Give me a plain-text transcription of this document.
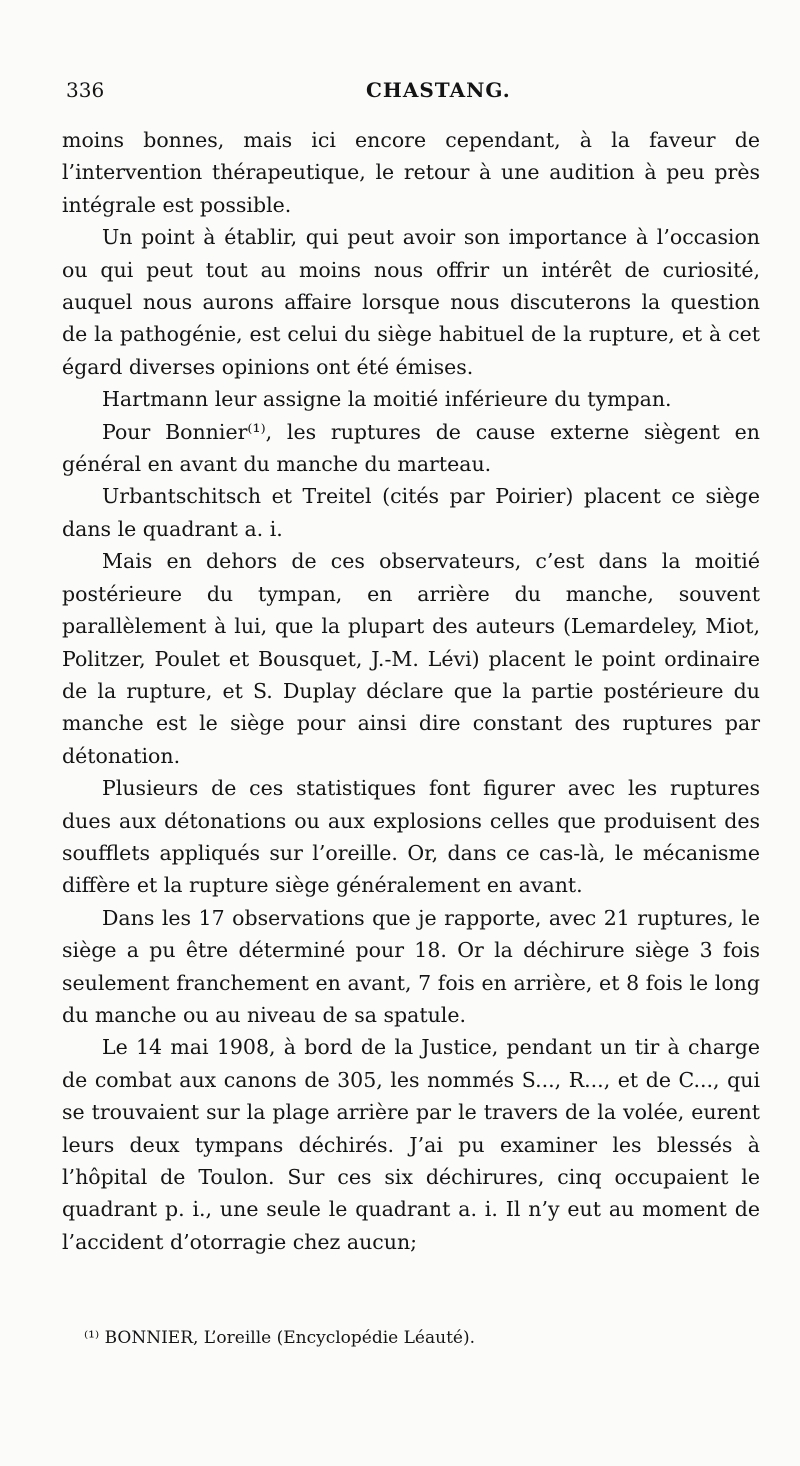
336	CHASTANG.

moins bonnes, mais ici encore cependant, à la faveur de l’intervention thérapeutique, le retour à une audition à peu près intégrale est possible.

Un point à établir, qui peut avoir son importance à l’occasion ou qui peut tout au moins nous offrir un intérêt de curiosité, auquel nous aurons affaire lorsque nous discuterons la question de la pathogénie, est celui du siège habituel de la rupture, et à cet égard diverses opinions ont été émises.

Hartmann leur assigne la moitié inférieure du tympan.

Pour Bonnier⁽¹⁾, les ruptures de cause externe siègent en général en avant du manche du marteau.

Urbantschitsch et Treitel (cités par Poirier) placent ce siège dans le quadrant a. i.

Mais en dehors de ces observateurs, c’est dans la moitié postérieure du tympan, en arrière du manche, souvent parallèlement à lui, que la plupart des auteurs (Lemardeley, Miot, Politzer, Poulet et Bousquet, J.-M. Lévi) placent le point ordinaire de la rupture, et S. Duplay déclare que la partie postérieure du manche est le siège pour ainsi dire constant des ruptures par détonation.

Plusieurs de ces statistiques font figurer avec les ruptures dues aux détonations ou aux explosions celles que produisent des soufflets appliqués sur l’oreille. Or, dans ce cas-là, le mécanisme diffère et la rupture siège généralement en avant.

Dans les 17 observations que je rapporte, avec 21 ruptures, le siège a pu être déterminé pour 18. Or la déchirure siège 3 fois seulement franchement en avant, 7 fois en arrière, et 8 fois le long du manche ou au niveau de sa spatule.

Le 14 mai 1908, à bord de la Justice, pendant un tir à charge de combat aux canons de 305, les nommés S..., R..., et de C..., qui se trouvaient sur la plage arrière par le travers de la volée, eurent leurs deux tympans déchirés. J’ai pu examiner les blessés à l’hôpital de Toulon. Sur ces six déchirures, cinq occupaient le quadrant p. i., une seule le quadrant a. i. Il n’y eut au moment de l’accident d’otorragie chez aucun;

⁽¹⁾ BONNIER, L’oreille (Encyclopédie Léauté).
